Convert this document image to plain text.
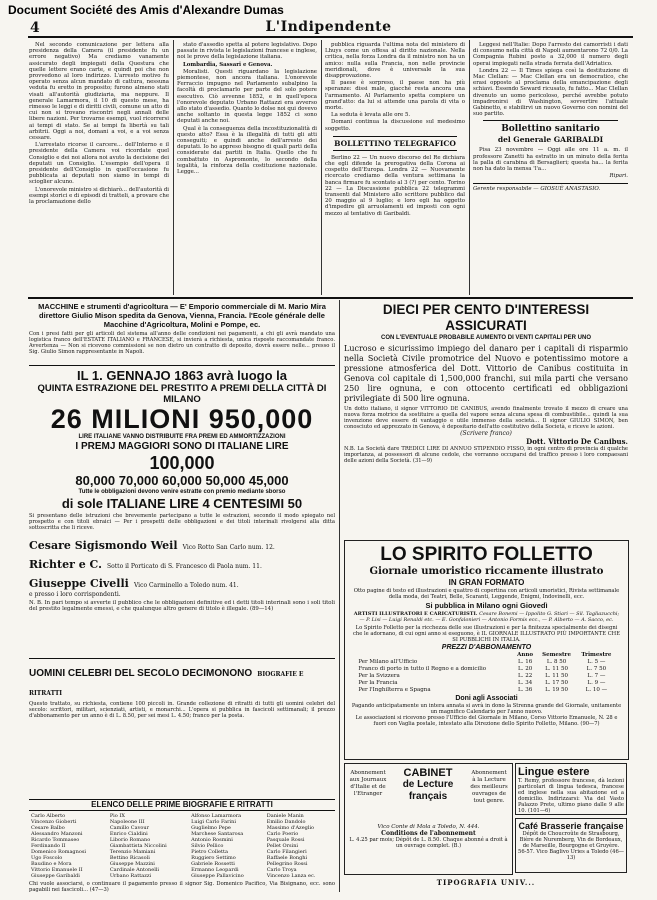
Document Société des Amis d'Alexandre Dumas
4	L'Indipendente

Nel secondo comunicazione per lettera alla presidenza della Camera (il presidente fu un errore negativo) Ma crediamo vanamente assicurato degli impiegati della Questura che quelle lettere erano carte, e quindi poi che non provvedono al loro indirizzo. L'arresto motivo fu operato senza alcun mandato di cattura, nessuna veduta fu eretto in proposito; furono almeno stati visati all'autorità giudiziaria, ma neppure. Il generale Lamarmora, il 10 di questo mese, ha rimesso le leggi e di diritti civili, comune un atto di cui non si trovano riscontri negli annali delle libere nazioni. Per trovarne esempi, vuol ricorrersi ai tempi di stato. Se ai tempi fa libertà su tali arbitrii. Oggi a noi, domani a voi, e a voi senza cessare.

L'arrestato ricorse il carcere... dell'Interno e il presidente della Camera voi ricordate quel Consiglio e dei noi allora noi avuto la decisione dei deputati un Consiglio. L'esempio dell'opera il presidente dell'Consiglio in quell'occasione fu pubblicata ai deputati non siamo in tempi di scioglier alcuno.

L'onorevole ministro si dichiarò... dell'autorità di esempi storici e di episodi di tratteli, a provare che la proclamazione dello

stato d'assedio spetta al potere legislativo. Dopo passate in rivista le legislazioni francese e inglese, noi le prove della legislazione italiana.

Lombardia, Sassari e Genova.

Moralisti. Questi riguardano la legislazione piemontese, non ancora italiana. L'onorevole Ferraccio impugno nel Parlamento subalpino la facoltà di proclamarlo per parte del solo potere esecutivo. Ciò avvenne 1852, e in quell'epoca l'onorevole deputato Urbano Rattazzi era avverso allo stato d'assedio. Quanto lo dolse noi qui dovevo anche soltanto in questa legge 1852 ci sono deputati anche noi.

Qual è la conseguenza della incostituzionalità di questo atto? Essa è la illegalità di tutti gli atti conseguiti; e quindi anche dell'arresto dei deputati. Io ho appreso bisogno di quali parti della considerate dai partiti in Italia. Quello che fu combattuto in Aspromonte, lo secondo della legalità, la rinforza della costituzione nazionale. Legge...

pubblica riguarda l'ultima nota del ministero di Lhuys come un offesa al diritto nazionale. Nella critica, nella forza Londra da il ministro non ha un amico: nulla sulla Francia, non nelle provincie meridionali, dove è universale la sua disapprovazione.

Il paese è sorpreso, il paese non ha più speranze: dissi male, giacché resta ancora una l'armamento. Al Parlamento spetta compiere un grand'atto: da lui si attende una parola di vita o morte.

La seduta è levata alle ore 5.

Domani continua la discussione sul medesimo soggetto.

BOLLETTINO TELEGRAFICO

Berlino 22 — Un nuovo discorso del Re dichiara che egli difende la prerogativa della Corona ai cospetto dell'Europa. Londra 22 — Nuovamente ricercato crediamo della ventura settimana la banca firmare fu scontato al 3 (?) per cento. Torino 22 — La Discussione pubblica 22 telegrammi transenti dal Ministero allo scrittore pubblico dal 20 maggio al 9 luglio; e loro egli ha oggetto d'impedire gli arruolamenti ed imposti con ogni mezzo al tentativo di Garibaldi.

Leggesi nell'Italie: Dopo l'arresto dei camorristi i dati di consumo nella città di Napoli aumentarono 72 0/0. La Compagnia Rubini posto a 32,000 il numero degli operai impiegati nella strada ferrata dell'Adriatico.

Londra 22 — Il Times spiega così la destituzione di Mac Clellan: — Mac Clellan era un democratico, che erasi opposto al proclama della emancipazione degli schiavi. Essendo Seward ricusato, fu fatto... Mac Clellan divenuto un uomo pericoloso, perché avrebbe potuto impadronirsi di Washington, sovvertire l'attuale Gabinetto, e stabilirvi un nuovo Governo con nomini del suo partito.

Bollettino sanitario
del Generale GARIBALDI

Pisa 23 novembre — Oggi alle ore 11 a. m. il professore Zanetti ha estratto in un minuto della ferita la palla di carabina di Bersaglieri; questa ha... la ferita non ha dato la mensa 'l'a...

Ripari.

Gerente responsabile — GIOSUÈ ANASTASIO.

MACCHINE e strumenti d'agricoltura — E' Emporio commerciale di M. Mario Mira direttore Giulio Mison spedita da Genova, Vienna, Francia. l'Ecole générale delle Macchine d'Agricoltura, Molini e Pompe, ec.
Con i presi fatti per gli articoli del sistema all'anno delle condizioni nei pagamenti, a chi gli avrà mandato una logistica franco dell'ESTATE ITALIANO e FRANCESE, si invierà a richiesta, unica risposte raccomandate franco. Avvertenza — Non si ricevono commissioni se non dietro un contratto di deposito, dovrà essere nelle... presso il Sig. Giulio Simon rappresentante in Napoli.
IL 1. GENNAJO 1863 avrà luogo la
QUINTA ESTRAZIONE DEL PRESTITO A PREMI DELLA CITTÀ DI MILANO
26 MILIONI 950,000
LIRE ITALIANE VANNO DISTRIBUITE FRA PREMI ED AMMORTIZZAZIONI
I PREMJ MAGGIORI SONO DI ITALIANE LIRE
100,000
80,000 70,000 60,000 50,000 45,000
Tutte le obbligazioni devono venire estratte con premio mediante sborso
di sole ITALIANE LIRE 4 CENTESIMI 50
Si presentano delle istruzioni che brevemente partecipano a tutte le estrazioni, secondo il modo spiegato nel prospetto e con titoli ebraici — Per i prospetti delle obbligazioni e dei titoli interinali rivolgersi alla ditta sottoscritta che li riceve.
Cesare Sigismondo Weil Vico Rotto San Carlo num. 12.
Richter e C. Sotto il Porticato di S. Francesco di Paola num. 11.
Giuseppe Civelli Vico Carminello a Toledo num. 41.
e presso i loro corrispondenti.
N. B. In pari tempo si avverte il pubblico che le obbligazioni definitive ed i detti titoli interinali sono i soli titoli del prestito legalmente emessi, e che qualunque altro genere di titolo è illegale. (89—14)
UOMINI CELEBRI DEL SECOLO DECIMONONO BIOGRAFIE E RITRATTI
Questo trattato, su richiesta, contiene 100 piccoli in. Grande collezione di ritratti di tutti gli uomini celebri del secolo: scrittori, militari, scienziati, artisti, e monarchi... L'opera si pubblica in fascicoli settimanali; il prezzo d'abbonamento per un anno è di L. 8.50, per sei mesi L. 4.50; franco per la posta.
ELENCO DELLE PRIME BIOGRAFIE E RITRATTI
Carlo Alberto	Pio IX	Alfonso Lamarmora	Daniele Manin
Vincenzo Gioberti	Napoleone III	Luigi Carlo Farini	Emilio Dandolo
Cesare Balbo	Camillo Cavour	Guglielmo Pepe	Massimo d'Azeglio
Alessandro Manzoni	Enrico Cialdini	Marchese Santarosa	Carlo Poerio
Ricardo Tommaseo	Liborio Romano	Antonio Rosmini	Pasquale Rossi
Ferdinando II	Giambattista Niccolini	Silvio Pellico	Pellet Orsini
Domenico Romagnosi	Terenzio Mamiani	Pietro Colletta	Carlo Filangieri
Ugo Foscolo	Bettino Ricasoli	Ruggiero Settimo	Raffaele Bonghi
Baudino e Mora	Giuseppe Mazzini	Gabriele Rossetti	Pellegrino Rossi
Vittorio Emanuele II	Cardinale Antonelli	Ermanno Leopardi	Carlo Troya
Giuseppe Garibaldi	Urbano Rattazzi	Giuseppe Pallavicino	Vincenzo Lanza ec.
Chi vuole associarsi, o continuare il pagamento presso il signor Sig. Domenico Pacifico, Via Bisignano, ecc. sono pagabili nei fascicoli... (47—3)
DIECI PER CENTO D'INTERESSI ASSICURATI
CON L'EVENTUALE PROBABILE AUMENTO DI VENTI CAPITALI PER UNO
Lucroso e sicurissimo impiego del danaro per i capitali di risparmio nella Società Civile promotrice del Nuovo e potentissimo motore a pressione atmosferica del Dott. Vittorio de Canibus costituita in Genova col capitale di 1,500,000 franchi, sui mila parti che versano 250 lire ognuna, e con ottocento certificati ed obbligazioni privilegiate di 500 lire ognuna.
Un dotto italiano, il signor VITTORIO DE CANIBUS, avendo finalmente trovato il mezzo di creare una nuova forza motrice da sostituire a quella del vapore senza alcuna spesa di combustibile... quindi la sua invenzione deve essere di vantaggio e utile immenso della società... Il signor GIULIO SIMON, ben conosciuto ed apprezzato in Genova, è depositario dell'atto costitutivo della Società, e riceve le azioni.
(Scrivere franco)
Dott. Vittorio De Canibus.
N.B. La Società dare TREDICI LIRE DI ANNUO STIPENDIO FISSO, in ogni centro di provincia di qualche importanza, ai possessori di alcune cedole, che vorranno occuparsi del traffico presso i loro compaesani delle azioni della Società. (31—9)
LO SPIRITO FOLLETTO
Giornale umoristico riccamente illustrato
IN GRAN FORMATO
Otto pagine di testo ed illustrazioni e quattro di copertina con articoli umoristici, Rivista settimanale della moda, dei Teatri, Belle, Scaranti, Leggende, Enigmi, Indovinelli, ecc.
Si pubblica in Milano ogni Giovedì
ARTISTI ILLUSTRATORI E CARICATURISTI. Cesare Bonemi — Ippolito G. Stiari — Sil. Tagliazucchi; — P. Lisi — Luigi Renaldi etc. — E. Gonfalonieri — Antonio Formis ecc., — P. Alberto — A. Sacco, ec.
Lo Spirito Folletto per la ricchezza delle sue illustrazioni e per la finitezza specialmente dei disegni che le adornano, di cui ogni anno si eseguono, è IL GIORNALE ILLUSTRATO PIÙ IMPORTANTE CHE SI PUBBLICHI IN ITALIA.
PREZZI D'ABBONAMENTO
	Anno	Semestre	Trimestre
Per Milano all'Ufficio	L. 16	L. 8 50	L. 5 —
Franco di porto in tutto il Regno e a domicilio	L. 20	L. 11 50	L. 7 50
Per la Svizzera	L. 22	L. 11 50	L. 7 —
Per la Francia	L. 34	L. 17 50	L. 9 —
Per l'Inghilterra e Spagna	L. 36	L. 19 50	L. 10 —
Doni agli Associati
Pagando anticipatamente un intera annata si avrà in dono la Strenna grande del Giornale, unitamente un magnifico Calendario per l'anno nuovo.
Le associazioni si ricevono presso l'Ufficio del Giornale in Milano, Corso Vittorio Emanuele, N. 28 e fuori con Vaglia postale, intestato alla Direzione dello Spirito Folletto, Milano. (90—7)
Abonnement aux Journaux d'Italie et de l'Etranger
CABINET
de Lecture
français
Abonnement à la Lecture des meilleurs ouvrages de tout genre.
Vico Conte di Mola a Toledo, N. 444.
Conditions de l'abonnement
L. 4.25 par mois; Dépôt de L. 8.50. Chaque abonné a droit à un ouvrage complet. (B.)
Lingue estere
T. Remy, professore francese, dà lezioni particolari di lingua tedesca, francese ed inglese nella sua abitazione ed a domicilio. Indirizzarsi: Via del Vasto Palazzo Prete, ultimo piano dalle 9 alle 10. (101—6)
Café Brasserie française
Dépôt de Choucroûte de Strasbourg, Bière de Nuremberg, Vin de Bordeaux, de Marseille, Bourgogne et Gruyère. 56-57. Vico Baglivo Uries a Toledo (46—13)
TIPOGRAFIA UNIV...
